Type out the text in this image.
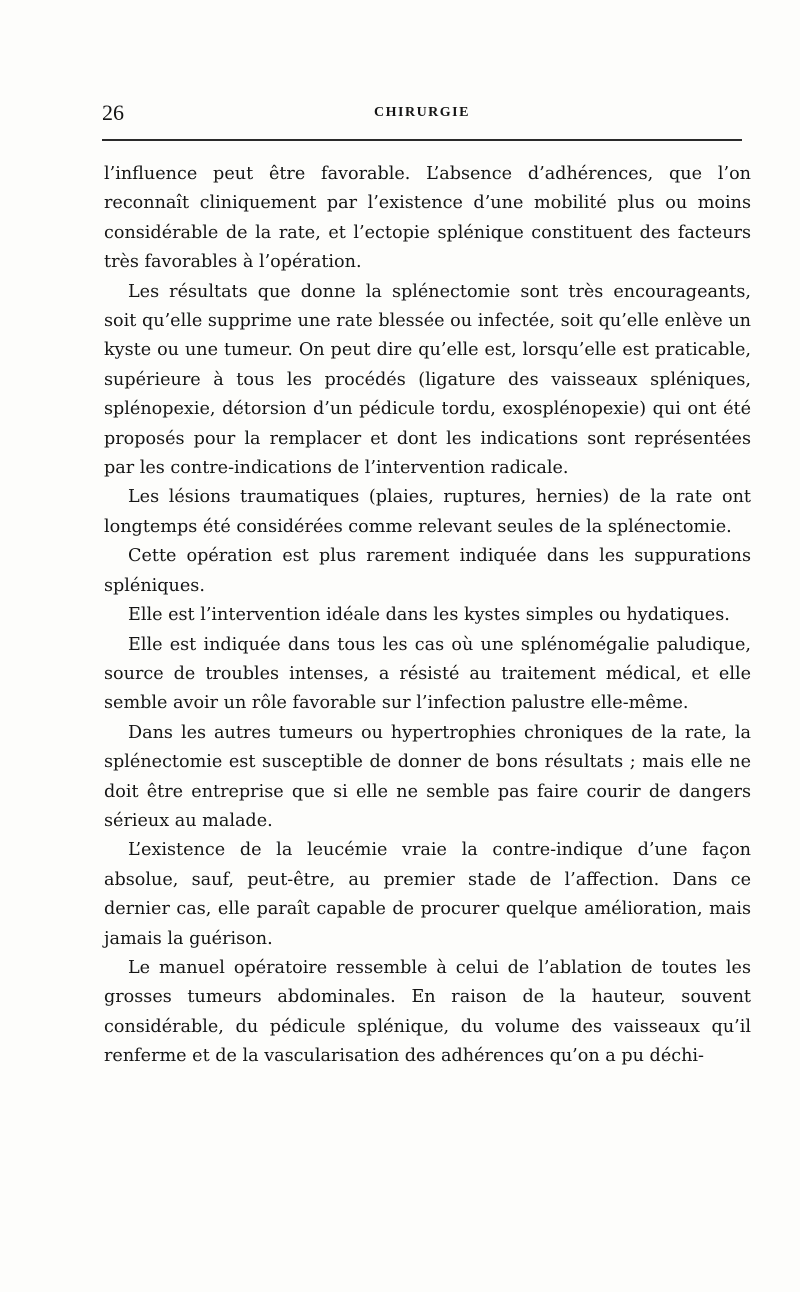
26	CHIRURGIE

l’influence peut être favorable. L’absence d’adhérences, que l’on reconnaît cliniquement par l’existence d’une mobilité plus ou moins considérable de la rate, et l’ectopie splénique constituent des facteurs très favorables à l’opération.

Les résultats que donne la splénectomie sont très encourageants, soit qu’elle supprime une rate blessée ou infectée, soit qu’elle enlève un kyste ou une tumeur. On peut dire qu’elle est, lorsqu’elle est praticable, supérieure à tous les procédés (ligature des vaisseaux spléniques, splénopexie, détorsion d’un pédicule tordu, exosplénopexie) qui ont été proposés pour la remplacer et dont les indications sont représentées par les contre-indications de l’intervention radicale.

Les lésions traumatiques (plaies, ruptures, hernies) de la rate ont longtemps été considérées comme relevant seules de la splénectomie.

Cette opération est plus rarement indiquée dans les suppurations spléniques.

Elle est l’intervention idéale dans les kystes simples ou hydatiques.

Elle est indiquée dans tous les cas où une splénomégalie paludique, source de troubles intenses, a résisté au traitement médical, et elle semble avoir un rôle favorable sur l’infection palustre elle-même.

Dans les autres tumeurs ou hypertrophies chroniques de la rate, la splénectomie est susceptible de donner de bons résultats ; mais elle ne doit être entreprise que si elle ne semble pas faire courir de dangers sérieux au malade.

L’existence de la leucémie vraie la contre-indique d’une façon absolue, sauf, peut-être, au premier stade de l’affection. Dans ce dernier cas, elle paraît capable de procurer quelque amélioration, mais jamais la guérison.

Le manuel opératoire ressemble à celui de l’ablation de toutes les grosses tumeurs abdominales. En raison de la hauteur, souvent considérable, du pédicule splénique, du volume des vaisseaux qu’il renferme et de la vascularisation des adhérences qu’on a pu déchi-
